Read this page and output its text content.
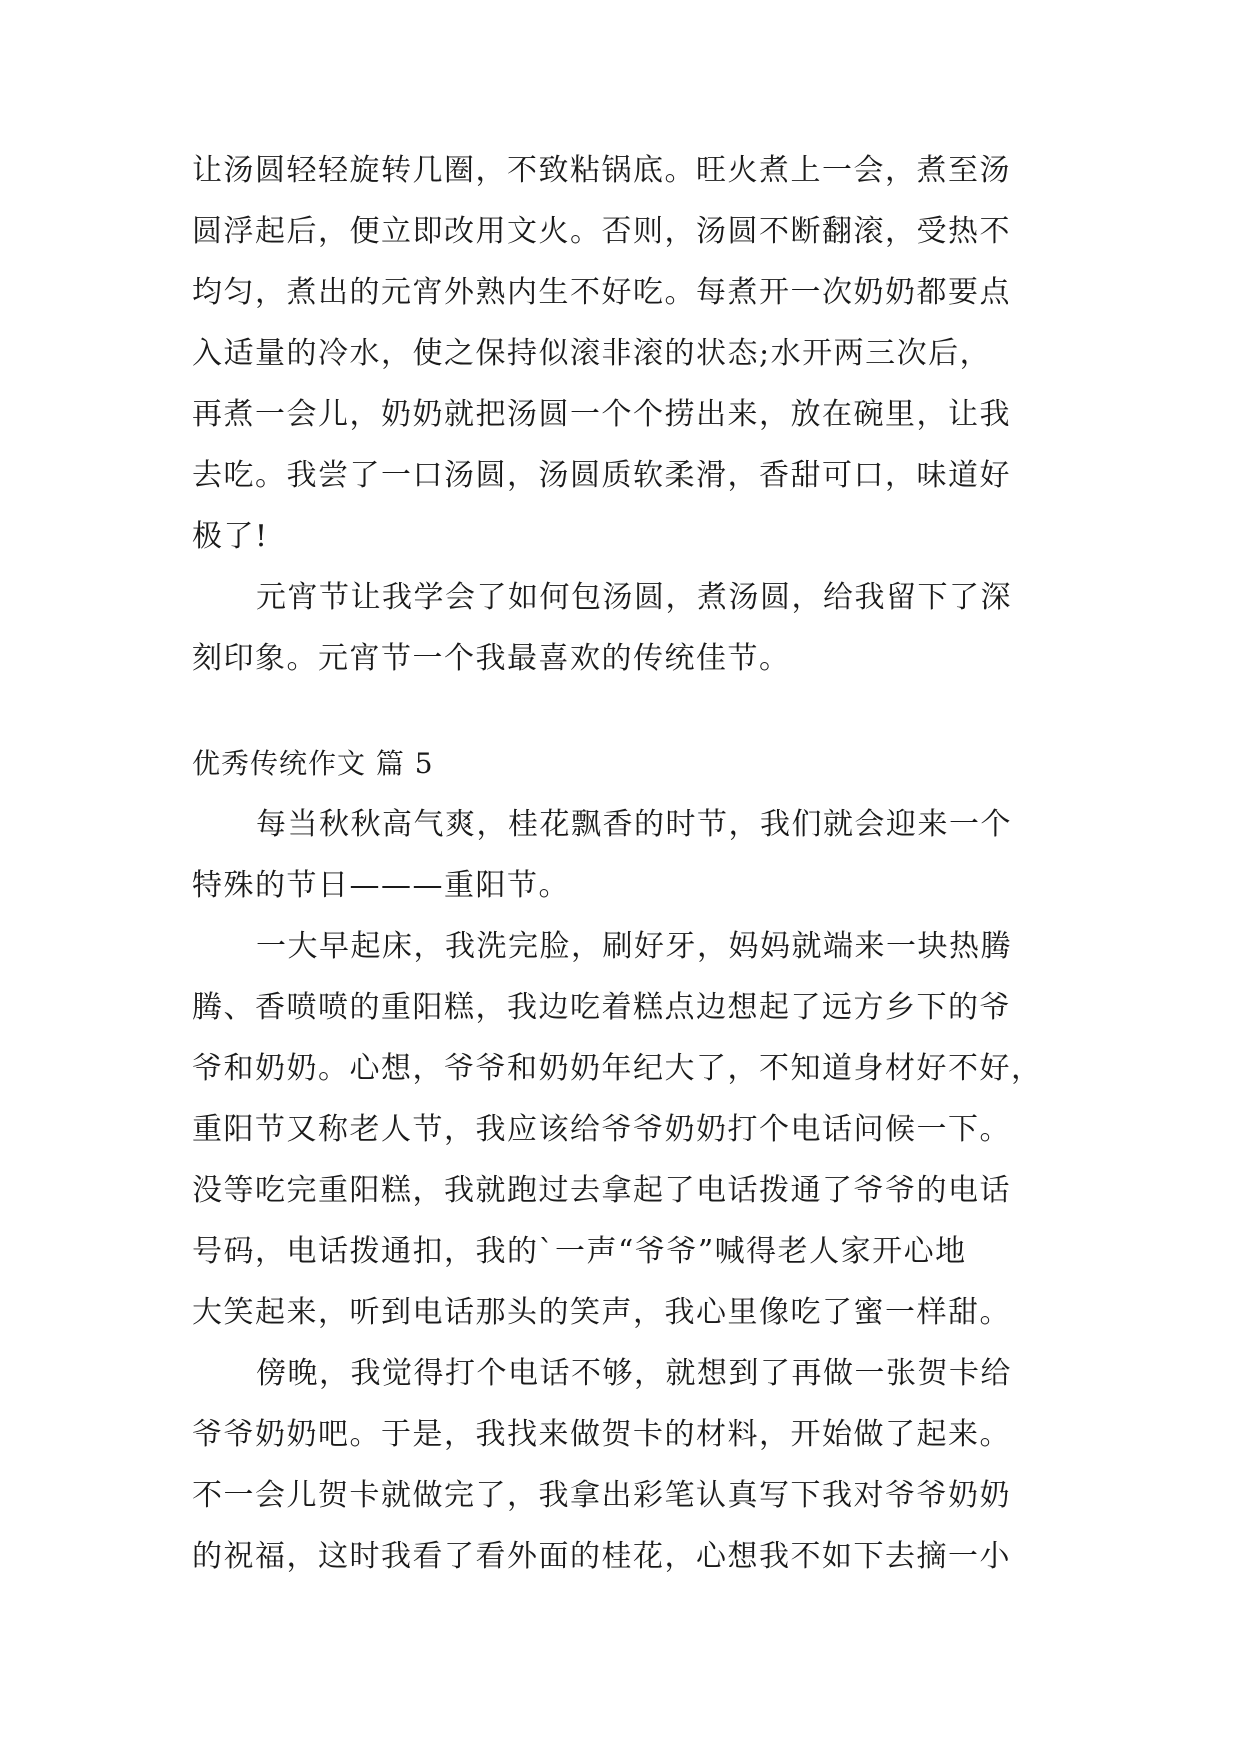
让汤圆轻轻旋转几圈，不致粘锅底。旺火煮上一会，煮至汤
圆浮起后，便立即改用文火。否则，汤圆不断翻滚，受热不
均匀，煮出的元宵外熟内生不好吃。每煮开一次奶奶都要点
入适量的冷水，使之保持似滚非滚的状态;水开两三次后，
再煮一会儿，奶奶就把汤圆一个个捞出来，放在碗里，让我
去吃。我尝了一口汤圆，汤圆质软柔滑，香甜可口，味道好
极了!
元宵节让我学会了如何包汤圆，煮汤圆，给我留下了深
刻印象。元宵节一个我最喜欢的传统佳节。
优秀传统作文 篇 5
每当秋秋高气爽，桂花飘香的时节，我们就会迎来一个
特殊的节日———重阳节。
一大早起床，我洗完脸，刷好牙，妈妈就端来一块热腾
腾、香喷喷的重阳糕，我边吃着糕点边想起了远方乡下的爷
爷和奶奶。心想，爷爷和奶奶年纪大了，不知道身材好不好，
重阳节又称老人节，我应该给爷爷奶奶打个电话问候一下。
没等吃完重阳糕，我就跑过去拿起了电话拨通了爷爷的电话
号码，电话拨通扣，我的`一声“爷爷”喊得老人家开心地
大笑起来，听到电话那头的笑声，我心里像吃了蜜一样甜。
傍晚，我觉得打个电话不够，就想到了再做一张贺卡给
爷爷奶奶吧。于是，我找来做贺卡的材料，开始做了起来。
不一会儿贺卡就做完了，我拿出彩笔认真写下我对爷爷奶奶
的祝福，这时我看了看外面的桂花，心想我不如下去摘一小
